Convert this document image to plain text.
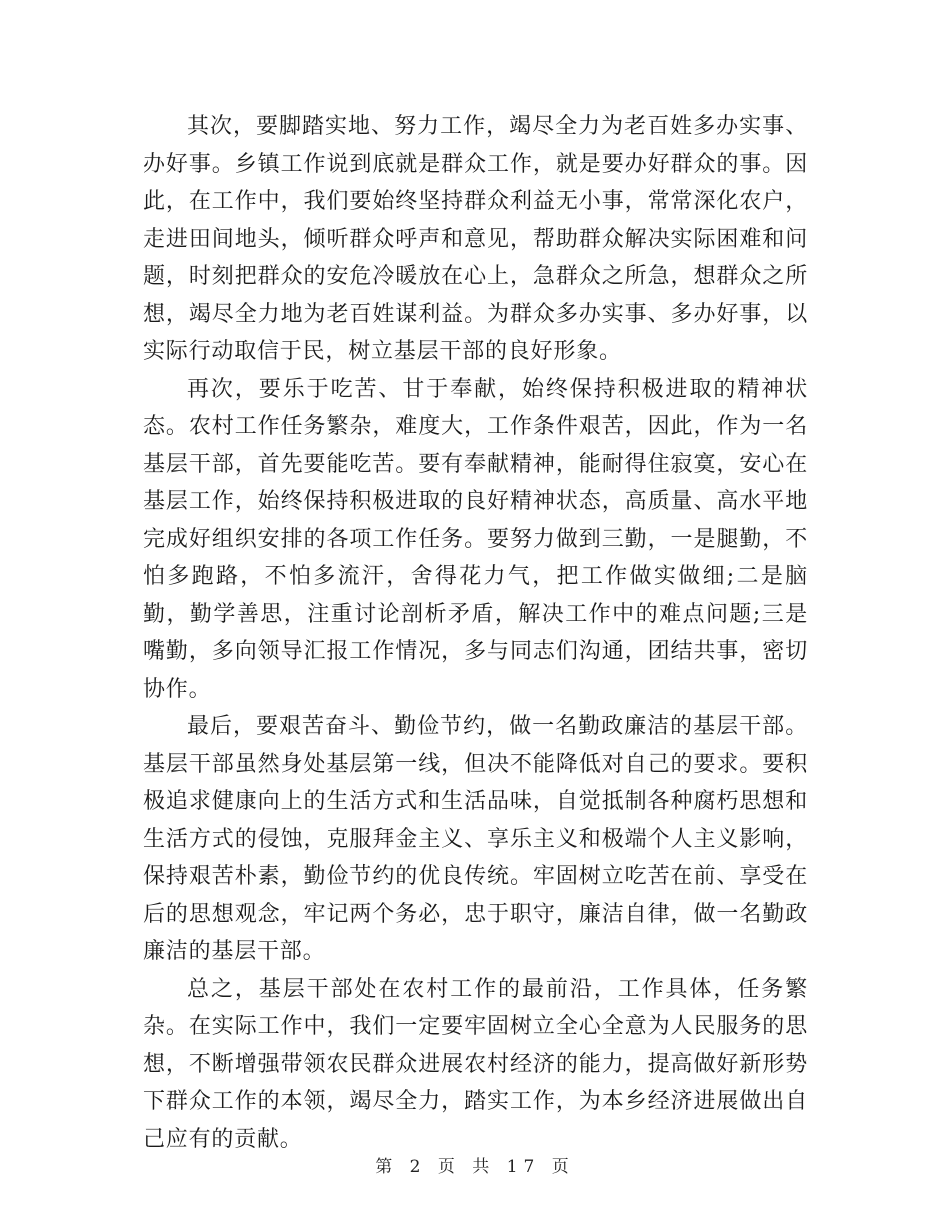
其次，要脚踏实地、努力工作，竭尽全力为老百姓多办实事、办好事。乡镇工作说到底就是群众工作，就是要办好群众的事。因此，在工作中，我们要始终坚持群众利益无小事，常常深化农户，走进田间地头，倾听群众呼声和意见，帮助群众解决实际困难和问题，时刻把群众的安危冷暖放在心上，急群众之所急，想群众之所想，竭尽全力地为老百姓谋利益。为群众多办实事、多办好事，以实际行动取信于民，树立基层干部的良好形象。

再次，要乐于吃苦、甘于奉献，始终保持积极进取的精神状态。农村工作任务繁杂，难度大，工作条件艰苦，因此，作为一名基层干部，首先要能吃苦。要有奉献精神，能耐得住寂寞，安心在基层工作，始终保持积极进取的良好精神状态，高质量、高水平地完成好组织安排的各项工作任务。要努力做到三勤，一是腿勤，不怕多跑路，不怕多流汗，舍得花力气，把工作做实做细;二是脑勤，勤学善思，注重讨论剖析矛盾，解决工作中的难点问题;三是嘴勤，多向领导汇报工作情况，多与同志们沟通，团结共事，密切协作。

最后，要艰苦奋斗、勤俭节约，做一名勤政廉洁的基层干部。基层干部虽然身处基层第一线，但决不能降低对自己的要求。要积极追求健康向上的生活方式和生活品味，自觉抵制各种腐朽思想和生活方式的侵蚀，克服拜金主义、享乐主义和极端个人主义影响，保持艰苦朴素，勤俭节约的优良传统。牢固树立吃苦在前、享受在后的思想观念，牢记两个务必，忠于职守，廉洁自律，做一名勤政廉洁的基层干部。

总之，基层干部处在农村工作的最前沿，工作具体，任务繁杂。在实际工作中，我们一定要牢固树立全心全意为人民服务的思想，不断增强带领农民群众进展农村经济的能力，提高做好新形势下群众工作的本领，竭尽全力，踏实工作，为本乡经济进展做出自己应有的贡献。

第 2 页 共 17 页
